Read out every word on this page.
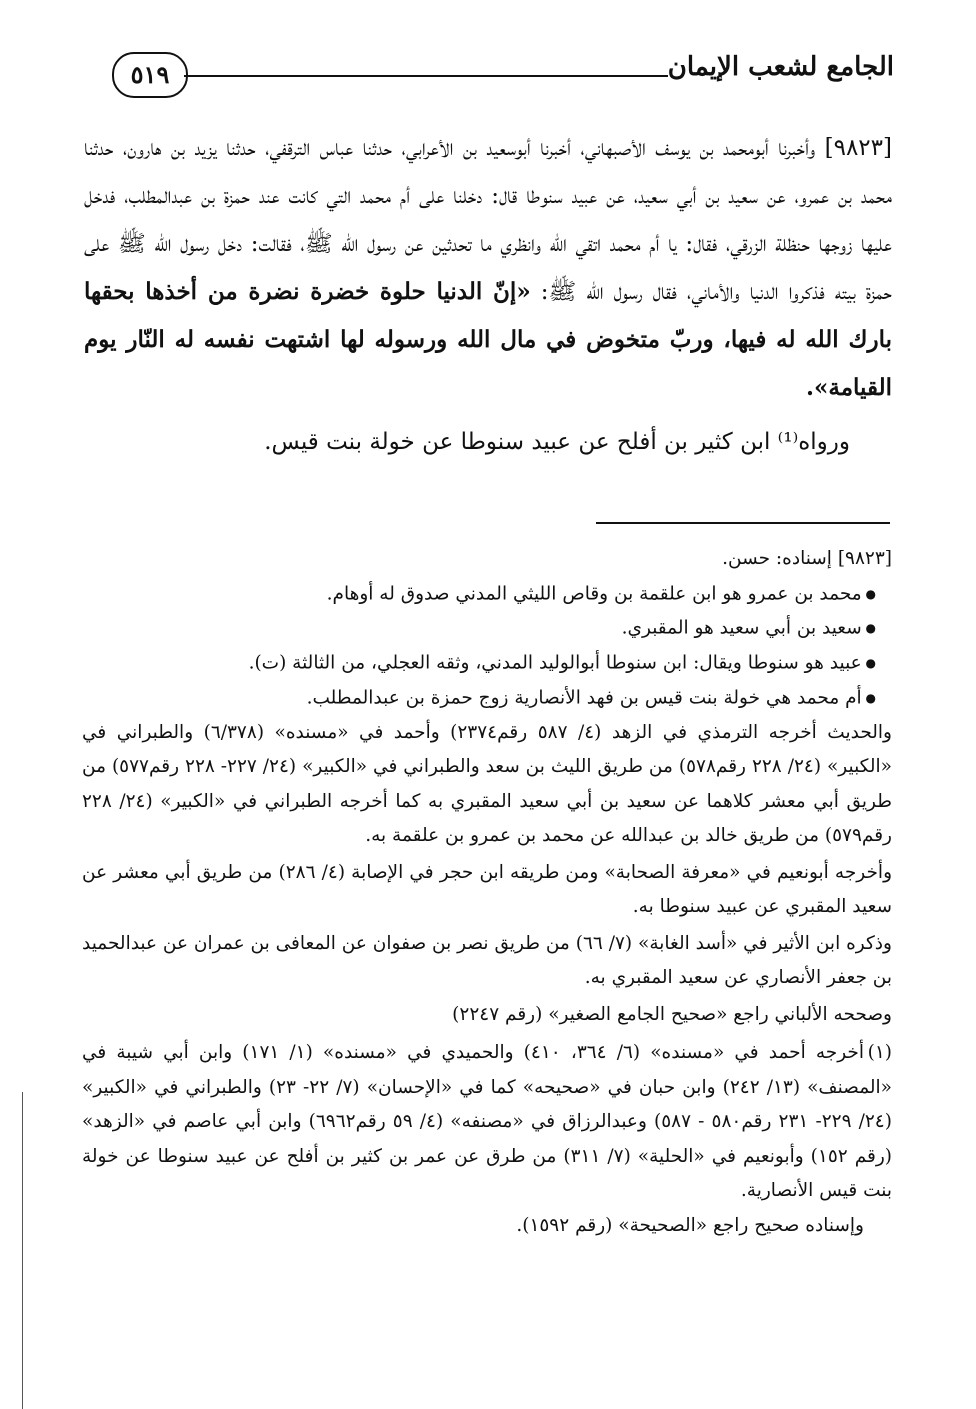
الجامع لشعب الإيمان
٥١٩

[٩٨٢٣] وأخبرنا أبومحمد بن يوسف الأصبهاني، أخبرنا أبوسعيد بن الأعرابي، حدثنا عباس الترقفي، حدثنا يزيد بن هارون، حدثنا محمد بن عمرو، عن سعيد بن أبي سعيد، عن عبيد سنوطا قال: دخلنا على أم محمد التي كانت عند حمزة بن عبدالمطلب، فدخل عليها زوجها حنظلة الزرقي، فقال: يا أم محمد اتقي الله وانظري ما تحدثين عن رسول الله ﷺ، فقالت: دخل رسول الله ﷺ على حمزة بيته فذكروا الدنيا والأماني، فقال رسول الله ﷺ: «إنّ الدنيا حلوة خضرة نضرة من أخذها بحقها بارك الله له فيها، وربّ متخوض في مال الله ورسوله لها اشتهت نفسه له النّار يوم القيامة».

ورواه⁽¹⁾ ابن كثير بن أفلح عن عبيد سنوطا عن خولة بنت قيس.

[٩٨٢٣] إسناده: حسن.

● محمد بن عمرو هو ابن علقمة بن وقاص الليثي المدني صدوق له أوهام.
● سعيد بن أبي سعيد هو المقبري.
● عبيد هو سنوطا ويقال: ابن سنوطا أبوالوليد المدني، وثقه العجلي، من الثالثة (ت).
● أم محمد هي خولة بنت قيس بن فهد الأنصارية زوج حمزة بن عبدالمطلب.

والحديث أخرجه الترمذي في الزهد (٤/ ٥٨٧ رقم٢٣٧٤) وأحمد في «مسنده» (٦/٣٧٨) والطبراني في «الكبير» (٢٤/ ٢٢٨ رقم٥٧٨) من طريق الليث بن سعد والطبراني في «الكبير» (٢٤/ ٢٢٧- ٢٢٨ رقم٥٧٧) من طريق أبي معشر كلاهما عن سعيد بن أبي سعيد المقبري به كما أخرجه الطبراني في «الكبير» (٢٤/ ٢٢٨ رقم٥٧٩) من طريق خالد بن عبدالله عن محمد بن عمرو بن علقمة به.

وأخرجه أبونعيم في «معرفة الصحابة» ومن طريقه ابن حجر في الإصابة (٤/ ٢٨٦) من طريق أبي معشر عن سعيد المقبري عن عبيد سنوطا به.

وذكره ابن الأثير في «أسد الغابة» (٧/ ٦٦) من طريق نصر بن صفوان عن المعافى بن عمران عن عبدالحميد بن جعفر الأنصاري عن سعيد المقبري به.

وصححه الألباني راجع «صحيح الجامع الصغير» (رقم ٢٢٤٧)

(١)أخرجه أحمد في «مسنده» (٦/ ٣٦٤، ٤١٠) والحميدي في «مسنده» (١/ ١٧١) وابن أبي شيبة في «المصنف» (١٣/ ٢٤٢) وابن حبان في «صحيحه» كما في «الإحسان» (٧/ ٢٢- ٢٣) والطبراني في «الكبير» (٢٤/ ٢٢٩- ٢٣١ رقم٥٨٠ - ٥٨٧) وعبدالرزاق في «مصنفه» (٤/ ٥٩ رقم٦٩٦٢) وابن أبي عاصم في «الزهد» (رقم ١٥٢) وأبونعيم في «الحلية» (٧/ ٣١١) من طرق عن عمر بن كثير بن أفلح عن عبيد سنوطا عن خولة بنت قيس الأنصارية.

وإسناده صحيح راجع «الصحيحة» (رقم ١٥٩٢).
